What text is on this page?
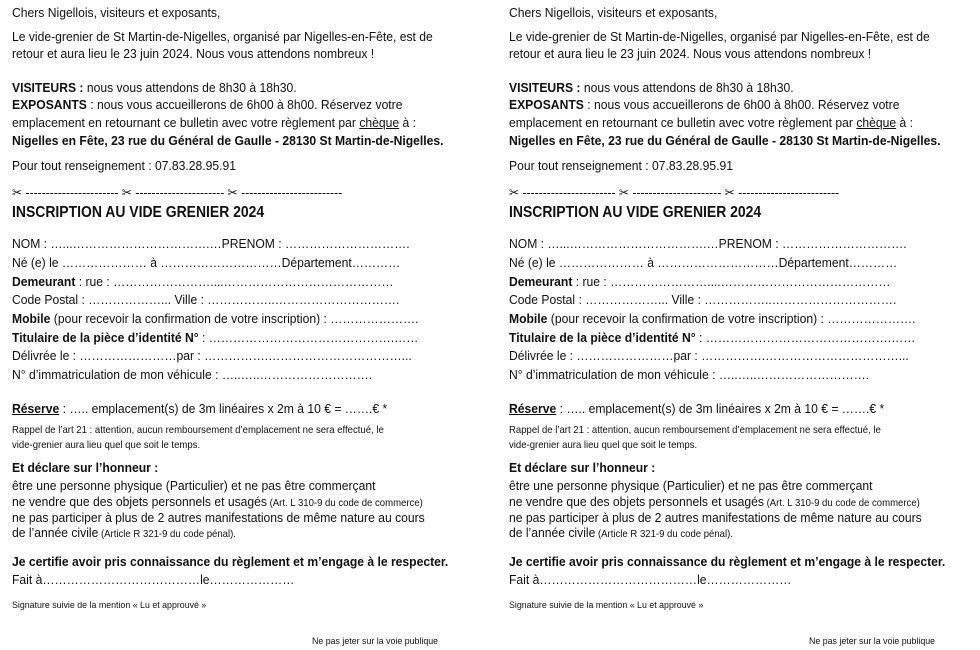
Chers Nigellois, visiteurs et exposants,
Le vide-grenier de St Martin-de-Nigelles, organisé par Nigelles-en-Fête, est de
retour et aura lieu le 23 juin 2024. Nous vous attendons nombreux !
VISITEURS : nous vous attendons de 8h30 à 18h30.
EXPOSANTS : nous vous accueillerons de 6h00 à 8h00. Réservez votre
emplacement en retournant ce bulletin avec votre règlement par chèque à :
Nigelles en Fête, 23 rue du Général de Gaulle - 28130 St Martin-de-Nigelles.
Pour tout renseignement : 07.83.28.95.91
✂ ----------------------- ✂ ---------------------- ✂ -------------------------
INSCRIPTION AU VIDE GRENIER 2024
NOM : …...…………………………….…PRENOM : ………………………….
Né (e) le ………………… à …………………………Département…………
Demeurant : rue : ……………………....……………………………………
Code Postal : ………………... Ville : ……………..………………………….
Mobile (pour recevoir la confirmation de votre inscription) : ………………….
Titulaire de la pièce d’identité N° : ……………………………………….……
Délivrée le : ……………………par : …………….……………………………...
N° d’immatriculation de mon véhicule : …..…..……………………….
Réserve : ….. emplacement(s) de 3m linéaires x 2m à 10 € = …….€ *
Rappel de l’art 21 : attention, aucun remboursement d’emplacement ne sera effectué, le
vide-grenier aura lieu quel que soit le temps.
Et déclare sur l’honneur :
être une personne physique (Particulier) et ne pas être commerçant
ne vendre que des objets personnels et usagés (Art. L 310-9 du code de commerce)
ne pas participer à plus de 2 autres manifestations de même nature au cours
de l’année civile (Article R 321-9 du code pénal).
Je certifie avoir pris connaissance du règlement et m’engage à le respecter.
Fait à…………………………………le…………………
Signature suivie de la mention « Lu et approuvé »
Ne pas jeter sur la voie publique
Chers Nigellois, visiteurs et exposants,
Le vide-grenier de St Martin-de-Nigelles, organisé par Nigelles-en-Fête, est de
retour et aura lieu le 23 juin 2024. Nous vous attendons nombreux !
VISITEURS : nous vous attendons de 8h30 à 18h30.
EXPOSANTS : nous vous accueillerons de 6h00 à 8h00. Réservez votre
emplacement en retournant ce bulletin avec votre règlement par chèque à :
Nigelles en Fête, 23 rue du Général de Gaulle - 28130 St Martin-de-Nigelles.
Pour tout renseignement : 07.83.28.95.91
✂ ----------------------- ✂ ---------------------- ✂ -------------------------
INSCRIPTION AU VIDE GRENIER 2024
NOM : …...…………………………….…PRENOM : ………………………….
Né (e) le ………………… à …………………………Département…………
Demeurant : rue : ……………………....……………………………………
Code Postal : ………………... Ville : ……………..………………………….
Mobile (pour recevoir la confirmation de votre inscription) : ………………….
Titulaire de la pièce d’identité N° : ……………………………………….……
Délivrée le : ……………………par : …………….……………………………...
N° d’immatriculation de mon véhicule : …..…..……………………….
Réserve : ….. emplacement(s) de 3m linéaires x 2m à 10 € = …….€ *
Rappel de l’art 21 : attention, aucun remboursement d’emplacement ne sera effectué, le
vide-grenier aura lieu quel que soit le temps.
Et déclare sur l’honneur :
être une personne physique (Particulier) et ne pas être commerçant
ne vendre que des objets personnels et usagés (Art. L 310-9 du code de commerce)
ne pas participer à plus de 2 autres manifestations de même nature au cours
de l’année civile (Article R 321-9 du code pénal).
Je certifie avoir pris connaissance du règlement et m’engage à le respecter.
Fait à…………………………………le…………………
Signature suivie de la mention « Lu et approuvé »
Ne pas jeter sur la voie publique
